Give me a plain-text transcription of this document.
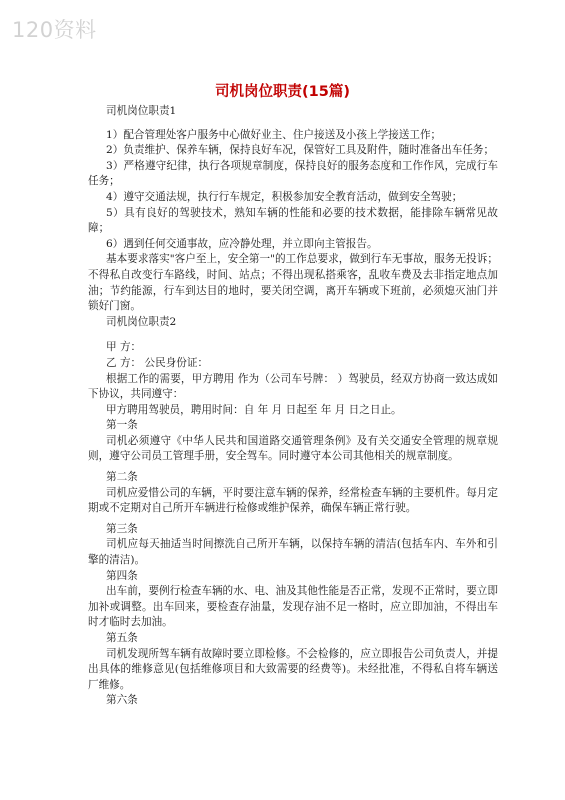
120资料
司机岗位职责(15篇)

司机岗位职责1

1）配合管理处客户服务中心做好业主、住户接送及小孩上学接送工作；

2）负责维护、保养车辆，保持良好车况，保管好工具及附件，随时准备出车任务；

3）严格遵守纪律，执行各项规章制度，保持良好的服务态度和工作作风，完成行车任务；

4）遵守交通法规，执行行车规定，积极参加安全教育活动，做到安全驾驶；

5）具有良好的驾驶技术，熟知车辆的性能和必要的技术数据，能排除车辆常见故障；

6）遇到任何交通事故，应冷静处理，并立即向主管报告。

基本要求落实"客户至上，安全第一"的工作总要求，做到行车无事故，服务无投诉；不得私自改变行车路线，时间、站点；不得出现私搭乘客，乱收车费及去非指定地点加油；节约能源，行车到达目的地时，要关闭空调，离开车辆或下班前，必须熄灭油门并锁好门窗。

司机岗位职责2

甲 方：

乙 方： 公民身份证：

根据工作的需要，甲方聘用 作为（公司车号牌： ）驾驶员，经双方协商一致达成如下协议，共同遵守：

甲方聘用驾驶员，聘用时间：自 年 月 日起至 年 月 日之日止。

第一条

司机必须遵守《中华人民共和国道路交通管理条例》及有关交通安全管理的规章规则，遵守公司员工管理手册，安全驾车。同时遵守本公司其他相关的规章制度。

第二条

司机应爱惜公司的车辆，平时要注意车辆的保养，经常检查车辆的主要机件。每月定期或不定期对自己所开车辆进行检修或维护保养，确保车辆正常行驶。

第三条

司机应每天抽适当时间擦洗自己所开车辆，以保持车辆的清洁(包括车内、车外和引擎的清洁)。

第四条

出车前，要例行检查车辆的水、电、油及其他性能是否正常，发现不正常时，要立即加补或调整。出车回来，要检查存油量，发现存油不足一格时，应立即加油，不得出车时才临时去加油。

第五条

司机发现所驾车辆有故障时要立即检修。不会检修的，应立即报告公司负责人，并提出具体的维修意见(包括维修项目和大致需要的经费等)。未经批准，不得私自将车辆送厂维修。

第六条
